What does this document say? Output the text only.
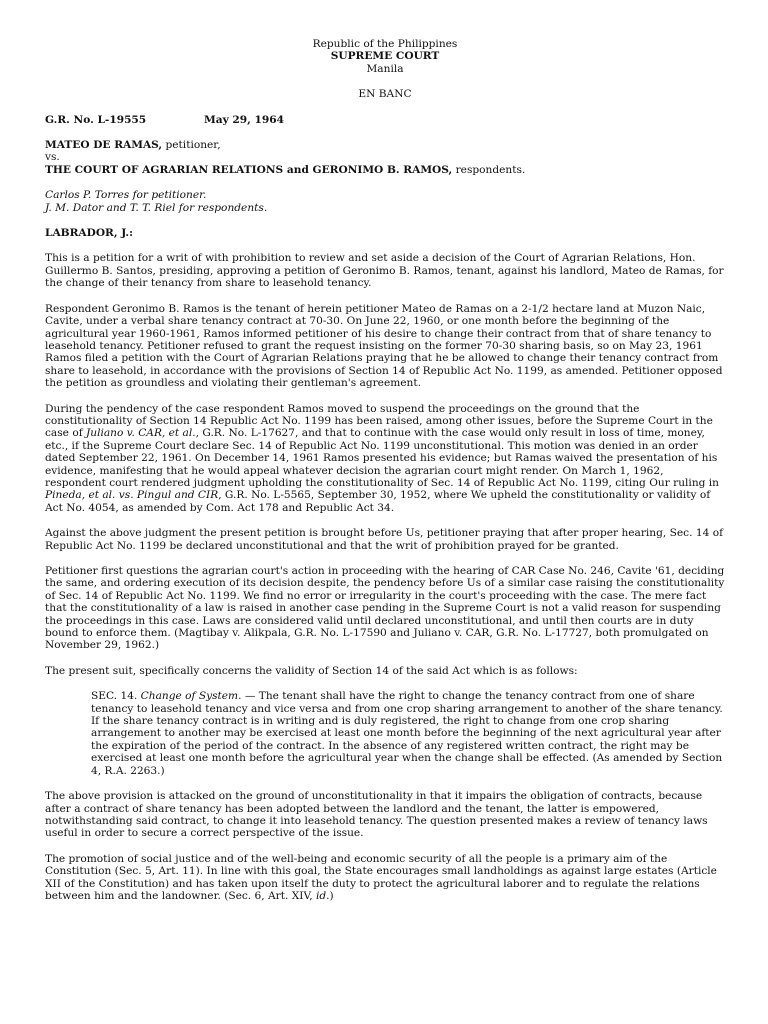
Republic of the Philippines

SUPREME COURT

Manila

EN BANC

G.R. No. L-19555	May 29, 1964

MATEO DE RAMAS, petitioner,

vs.

THE COURT OF AGRARIAN RELATIONS and GERONIMO B. RAMOS, respondents.

Carlos P. Torres for petitioner.

J. M. Dator and T. T. Riel for respondents.

LABRADOR, J.:

This is a petition for a writ of with prohibition to review and set aside a decision of the Court of Agrarian Relations, Hon. Guillermo B. Santos, presiding, approving a petition of Geronimo B. Ramos, tenant, against his landlord, Mateo de Ramas, for the change of their tenancy from share to leasehold tenancy.

Respondent Geronimo B. Ramos is the tenant of herein petitioner Mateo de Ramas on a 2-1/2 hectare land at Muzon Naic, Cavite, under a verbal share tenancy contract at 70-30. On June 22, 1960, or one month before the beginning of the agricultural year 1960-1961, Ramos informed petitioner of his desire to change their contract from that of share tenancy to leasehold tenancy. Petitioner refused to grant the request insisting on the former 70-30 sharing basis, so on May 23, 1961 Ramos filed a petition with the Court of Agrarian Relations praying that he be allowed to change their tenancy contract from share to leasehold, in accordance with the provisions of Section 14 of Republic Act No. 1199, as amended. Petitioner opposed the petition as groundless and violating their gentleman's agreement.

During the pendency of the case respondent Ramos moved to suspend the proceedings on the ground that the constitutionality of Section 14 Republic Act No. 1199 has been raised, among other issues, before the Supreme Court in the case of Juliano v. CAR, et al., G.R. No. L-17627, and that to continue with the case would only result in loss of time, money, etc., if the Supreme Court declare Sec. 14 of Republic Act No. 1199 unconstitutional. This motion was denied in an order dated September 22, 1961. On December 14, 1961 Ramos presented his evidence; but Ramas waived the presentation of his evidence, manifesting that he would appeal whatever decision the agrarian court might render. On March 1, 1962, respondent court rendered judgment upholding the constitutionality of Sec. 14 of Republic Act No. 1199, citing Our ruling in Pineda, et al. vs. Pingul and CIR, G.R. No. L-5565, September 30, 1952, where We upheld the constitutionality or validity of Act No. 4054, as amended by Com. Act 178 and Republic Act 34.

Against the above judgment the present petition is brought before Us, petitioner praying that after proper hearing, Sec. 14 of Republic Act No. 1199 be declared unconstitutional and that the writ of prohibition prayed for be granted.

Petitioner first questions the agrarian court's action in proceeding with the hearing of CAR Case No. 246, Cavite '61, deciding the same, and ordering execution of its decision despite, the pendency before Us of a similar case raising the constitutionality of Sec. 14 of Republic Act No. 1199. We find no error or irregularity in the court's proceeding with the case. The mere fact that the constitutionality of a law is raised in another case pending in the Supreme Court is not a valid reason for suspending the proceedings in this case. Laws are considered valid until declared unconstitutional, and until then courts are in duty bound to enforce them. (Magtibay v. Alikpala, G.R. No. L-17590 and Juliano v. CAR, G.R. No. L-17727, both promulgated on November 29, 1962.)

The present suit, specifically concerns the validity of Section 14 of the said Act which is as follows:

SEC. 14. Change of System. — The tenant shall have the right to change the tenancy contract from one of share tenancy to leasehold tenancy and vice versa and from one crop sharing arrangement to another of the share tenancy. If the share tenancy contract is in writing and is duly registered, the right to change from one crop sharing arrangement to another may be exercised at least one month before the beginning of the next agricultural year after the expiration of the period of the contract. In the absence of any registered written contract, the right may be exercised at least one month before the agricultural year when the change shall be effected. (As amended by Section 4, R.A. 2263.)

The above provision is attacked on the ground of unconstitutionality in that it impairs the obligation of contracts, because after a contract of share tenancy has been adopted between the landlord and the tenant, the latter is empowered, notwithstanding said contract, to change it into leasehold tenancy. The question presented makes a review of tenancy laws useful in order to secure a correct perspective of the issue.

The promotion of social justice and of the well-being and economic security of all the people is a primary aim of the Constitution (Sec. 5, Art. 11). In line with this goal, the State encourages small landholdings as against large estates (Article XII of the Constitution) and has taken upon itself the duty to protect the agricultural laborer and to regulate the relations between him and the landowner. (Sec. 6, Art. XIV, id.)
